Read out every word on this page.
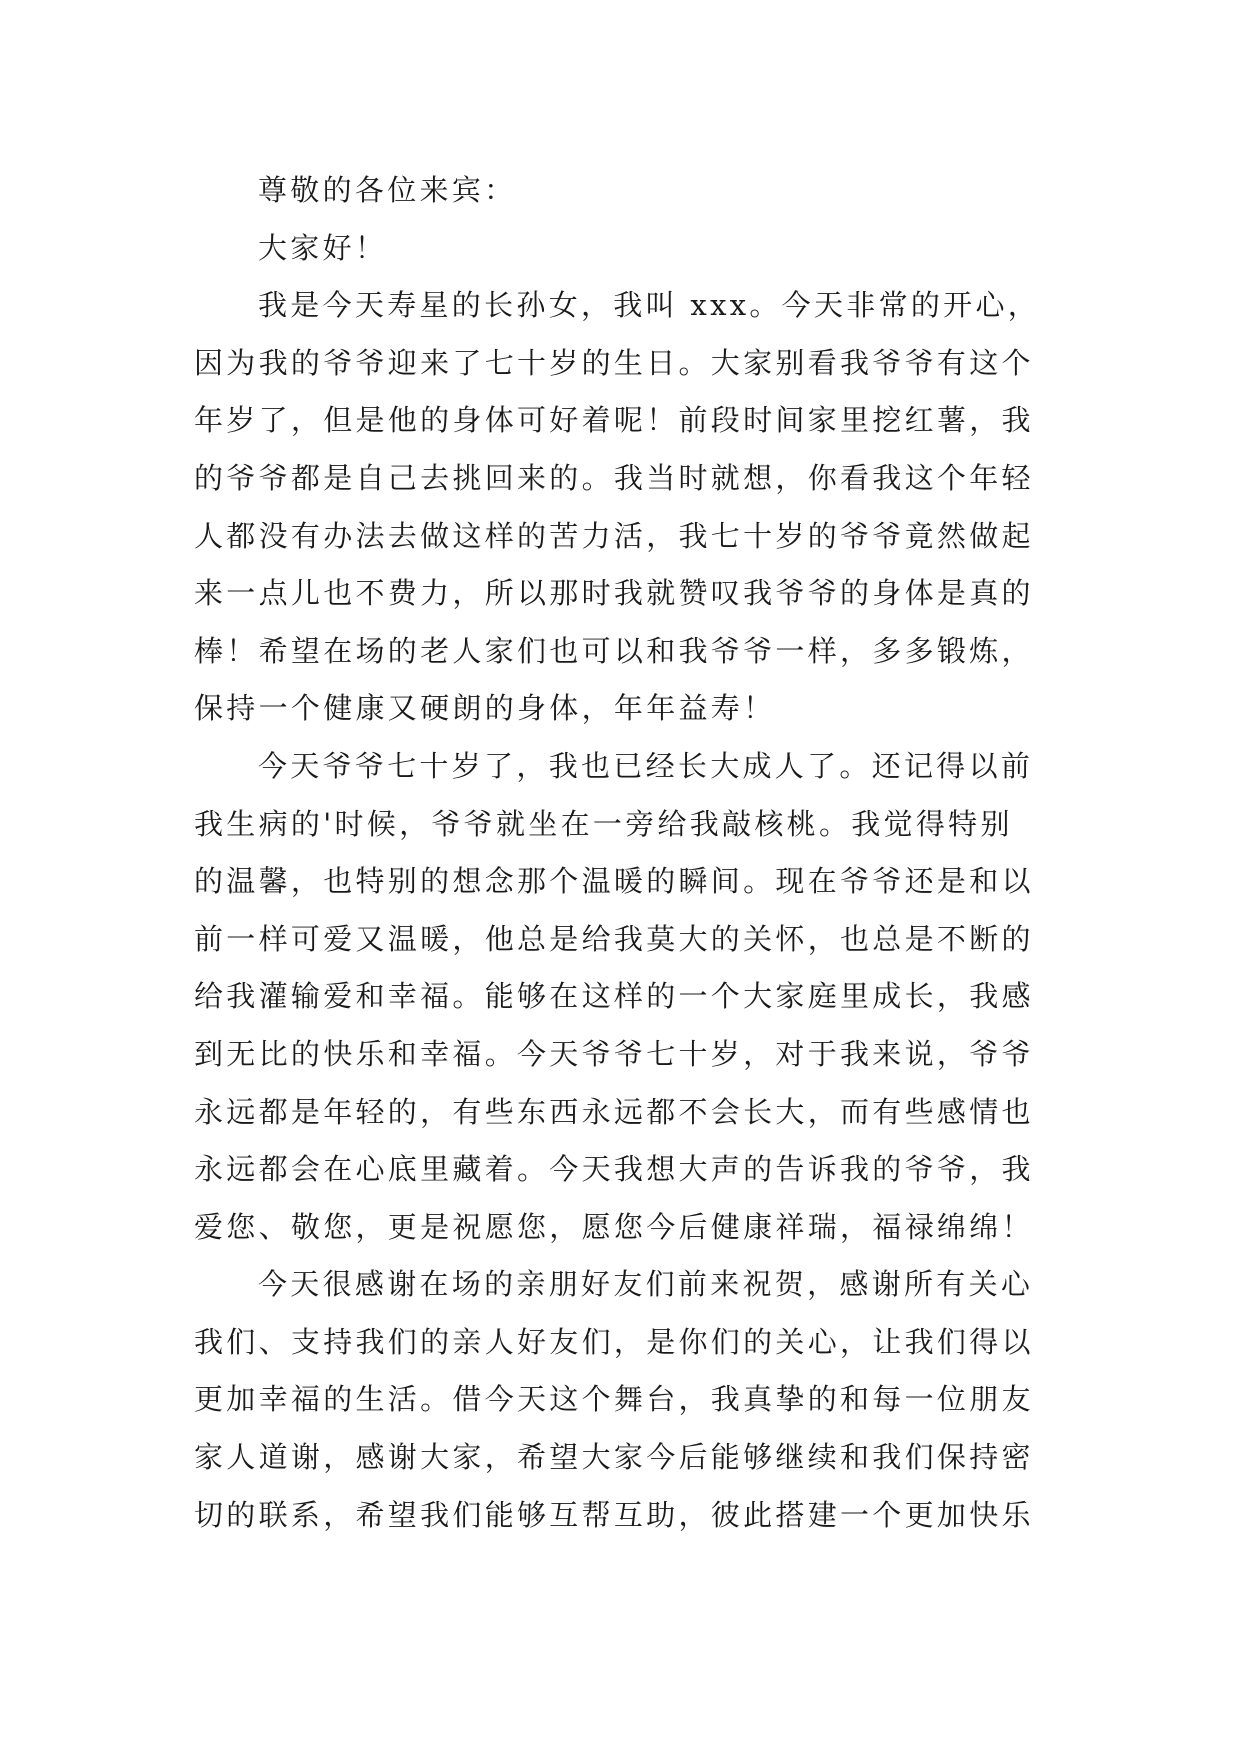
尊敬的各位来宾：
大家好！
我是今天寿星的长孙女，我叫 xxx。今天非常的开心，
因为我的爷爷迎来了七十岁的生日。大家别看我爷爷有这个
年岁了，但是他的身体可好着呢！前段时间家里挖红薯，我
的爷爷都是自己去挑回来的。我当时就想，你看我这个年轻
人都没有办法去做这样的苦力活，我七十岁的爷爷竟然做起
来一点儿也不费力，所以那时我就赞叹我爷爷的身体是真的
棒！希望在场的老人家们也可以和我爷爷一样，多多锻炼，
保持一个健康又硬朗的身体，年年益寿！
今天爷爷七十岁了，我也已经长大成人了。还记得以前
我生病的'时候，爷爷就坐在一旁给我敲核桃。我觉得特别
的温馨，也特别的想念那个温暖的瞬间。现在爷爷还是和以
前一样可爱又温暖，他总是给我莫大的关怀，也总是不断的
给我灌输爱和幸福。能够在这样的一个大家庭里成长，我感
到无比的快乐和幸福。今天爷爷七十岁，对于我来说，爷爷
永远都是年轻的，有些东西永远都不会长大，而有些感情也
永远都会在心底里藏着。今天我想大声的告诉我的爷爷，我
爱您、敬您，更是祝愿您，愿您今后健康祥瑞，福禄绵绵！
今天很感谢在场的亲朋好友们前来祝贺，感谢所有关心
我们、支持我们的亲人好友们，是你们的关心，让我们得以
更加幸福的生活。借今天这个舞台，我真挚的和每一位朋友
家人道谢，感谢大家，希望大家今后能够继续和我们保持密
切的联系，希望我们能够互帮互助，彼此搭建一个更加快乐
